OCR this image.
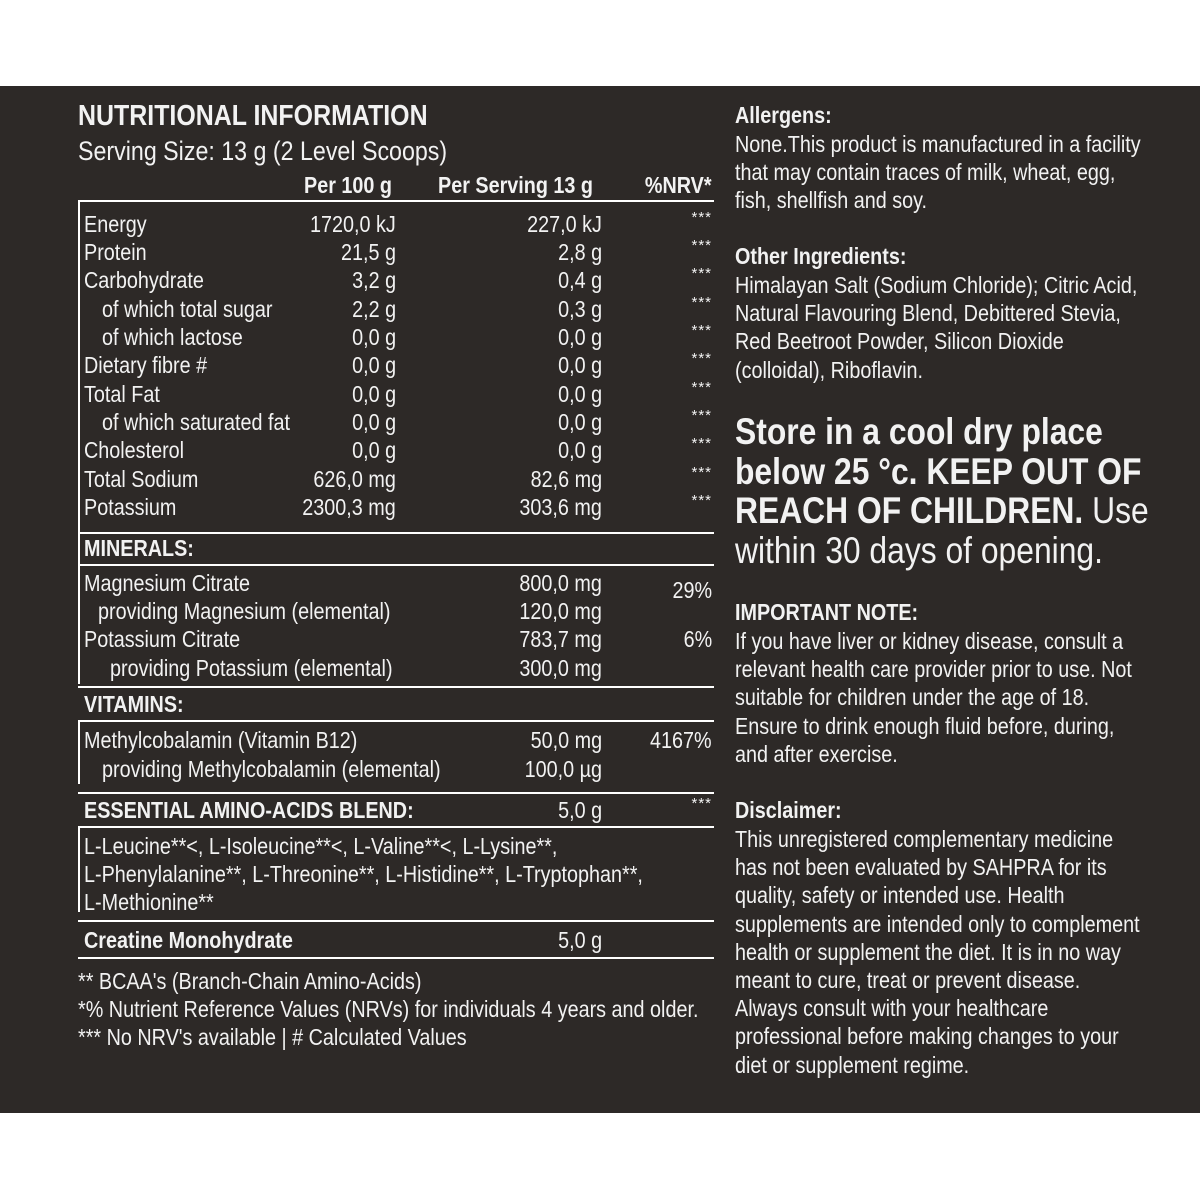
NUTRITIONAL INFORMATION
Serving Size: 13 g (2 Level Scoops)
Per 100 g	Per Serving 13 g	%NRV*
Energy	1720,0 kJ	227,0 kJ	***
Protein	21,5 g	2,8 g	***
Carbohydrate	3,2 g	0,4 g	***
of which total sugar	2,2 g	0,3 g	***
of which lactose	0,0 g	0,0 g	***
Dietary fibre #	0,0 g	0,0 g	***
Total Fat	0,0 g	0,0 g	***
of which saturated fat	0,0 g	0,0 g	***
Cholesterol	0,0 g	0,0 g	***
Total Sodium	626,0 mg	82,6 mg	***
Potassium	2300,3 mg	303,6 mg	***
MINERALS:
Magnesium Citrate	800,0 mg	29%
providing Magnesium (elemental)	120,0 mg
Potassium Citrate	783,7 mg	6%
providing Potassium (elemental)	300,0 mg
VITAMINS:
Methylcobalamin (Vitamin B12)	50,0 mg 4167%
providing Methylcobalamin (elemental)	100,0 µg
ESSENTIAL AMINO-ACIDS BLEND:	5,0 g	***
L-Leucine**<, L-Isoleucine**<, L-Valine**<, L-Lysine**,
L-Phenylalanine**, L-Threonine**, L-Histidine**, L-Tryptophan**,
L-Methionine**
Creatine Monohydrate	5,0 g
** BCAA's (Branch-Chain Amino-Acids)
*% Nutrient Reference Values (NRVs) for individuals 4 years and older.
*** No NRV's available | # Calculated Values
Allergens:
None.This product is manufactured in a facility
that may contain traces of milk, wheat, egg,
fish, shellfish and soy.
Other Ingredients:
Himalayan Salt (Sodium Chloride); Citric Acid,
Natural Flavouring Blend, Debittered Stevia,
Red Beetroot Powder, Silicon Dioxide
(colloidal), Riboflavin.
Store in a cool dry place
below 25 °c. KEEP OUT OF
REACH OF CHILDREN. Use
within 30 days of opening.
IMPORTANT NOTE:
If you have liver or kidney disease, consult a
relevant health care provider prior to use. Not
suitable for children under the age of 18.
Ensure to drink enough fluid before, during,
and after exercise.
Disclaimer:
This unregistered complementary medicine
has not been evaluated by SAHPRA for its
quality, safety or intended use. Health
supplements are intended only to complement
health or supplement the diet. It is in no way
meant to cure, treat or prevent disease.
Always consult with your healthcare
professional before making changes to your
diet or supplement regime.
